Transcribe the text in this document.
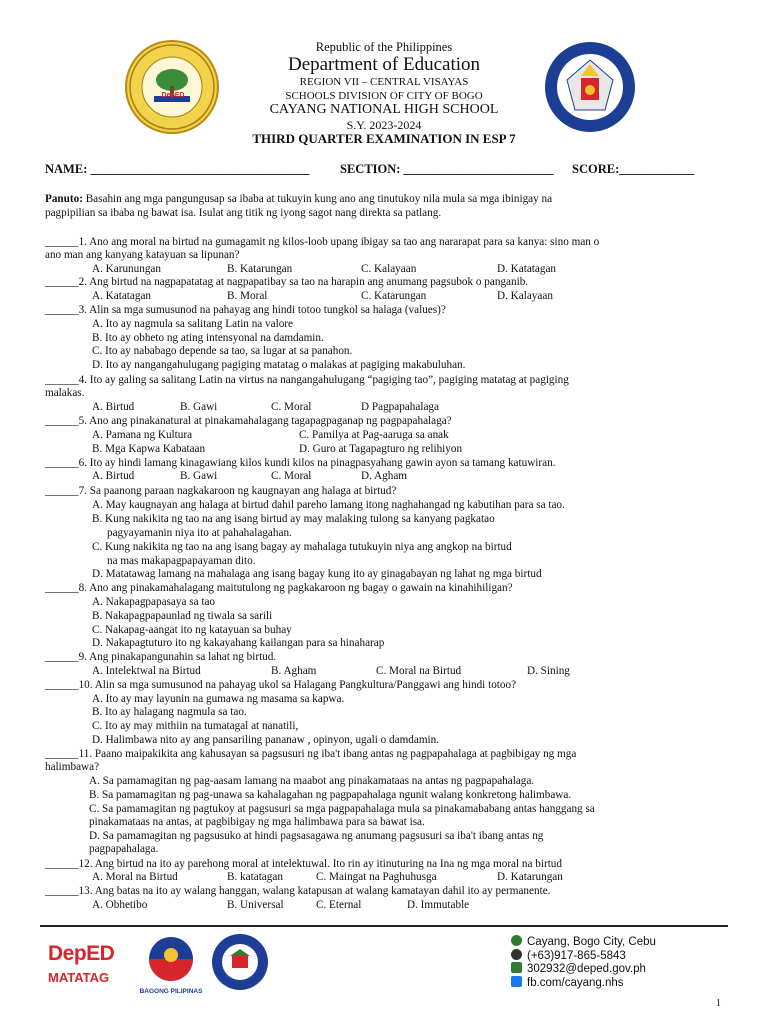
DepED
Republic of the Philippines
Department of Education
REGION VII – CENTRAL VISAYAS
SCHOOLS DIVISION OF CITY OF BOGO
CAYANG NATIONAL HIGH SCHOOL
S.Y. 2023-2024
THIRD QUARTER EXAMINATION IN ESP 7
NAME: ___________________________________ SECTION: ________________________ SCORE:____________
Panuto: Basahin ang mga pangungusap sa ibaba at tukuyin kung ano ang tinutukoy nila mula sa mga ibinigay na
pagpipilian sa ibaba ng bawat isa. Isulat ang titik ng iyong sagot nang direkta sa patlang.
______1. Ano ang moral na birtud na gumagamit ng kilos-loob upang ibigay sa tao ang nararapat para sa kanya: sino man o
ano man ang kanyang katayuan sa lipunan?
A. Karunungan	B. Katarungan	C. Kalayaan	D. Katatagan
______2. Ang birtud na nagpapatatag at nagpapatibay sa tao na harapin ang anumang pagsubok o panganib.
A. Katatagan	B. Moral	C. Katarungan	D. Kalayaan
______3. Alin sa mga sumusunod na pahayag ang hindi totoo tungkol sa halaga (values)?
A. Ito ay nagmula sa salitang Latin na valore
B. Ito ay obheto ng ating intensyonal na damdamin.
C. Ito ay nababago depende sa tao, sa lugar at sa panahon.
D. Ito ay nangangahulugang pagiging matatag o malakas at pagiging makabuluhan.
______4. Ito ay galing sa salitang Latin na virtus na nangangahulugang “pagiging tao”, pagiging matatag at pagiging
malakas.
A. Birtud	B. Gawi	C. Moral	D Pagpapahalaga
______5. Ano ang pinakanatural at pinakamahalagang tagapagpaganap ng pagpapahalaga?
A. Pamana ng Kultura	C. Pamilya at Pag-aaruga sa anak
B. Mga Kapwa Kabataan	D. Guro at Tagapagturo ng relihiyon
______6. Ito ay hindi lamang kinagawiang kilos kundi kilos na pinagpasyahang gawin ayon sa tamang katuwiran.
A. Birtud	B. Gawi	C. Moral	D. Agham
______7. Sa paanong paraan nagkakaroon ng kaugnayan ang halaga at birtud?
A. May kaugnayan ang halaga at birtud dahil pareho lamang itong naghahangad ng kabutihan para sa tao.
B. Kung nakikita ng tao na ang isang birtud ay may malaking tulong sa kanyang pagkatao
pagyayamanin niya ito at pahahalagahan.
C. Kung nakikita ng tao na ang isang bagay ay mahalaga tutukuyin niya ang angkop na birtud
na mas makapagpapayaman dito.
D. Matatawag lamang na mahalaga ang isang bagay kung ito ay ginagabayan ng lahat ng mga birtud
______8. Ano ang pinakamahalagang maitutulong ng pagkakaroon ng bagay o gawain na kinahihiligan?
A. Nakapagpapasaya sa tao
B. Nakapagpapaunlad ng tiwala sa sarili
C. Nakapag-aangat ito ng katayuan sa buhay
D. Nakapagtuturo ito ng kakayahang kailangan para sa hinaharap
______9. Ang pinakapangunahin sa lahat ng birtud.
A. Intelektwal na Birtud	B. Agham	C. Moral na Birtud	D. Sining
______10. Alin sa mga sumusunod na pahayag ukol sa Halagang Pangkultura/Panggawi ang hindi totoo?
A. Ito ay may layunin na gumawa ng masama sa kapwa.
B. Ito ay halagang nagmula sa tao.
C. Ito ay may mithiin na tumatagal at nanatili,
D. Halimbawa nito ay ang pansariling pananaw , opinyon, ugali o damdamin.
______11. Paano maipakikita ang kahusayan sa pagsusuri ng iba't ibang antas ng pagpapahalaga at pagbibigay ng mga
halimbawa?
A. Sa pamamagitan ng pag-aasam lamang na maabot ang pinakamataas na antas ng pagpapahalaga.
B. Sa pamamagitan ng pag-unawa sa kahalagahan ng pagpapahalaga ngunit walang konkretong halimbawa.
C. Sa pamamagitan ng pagtukoy at pagsusuri sa mga pagpapahalaga mula sa pinakamababang antas hanggang sa
pinakamataas na antas, at pagbibigay ng mga halimbawa para sa bawat isa.
D. Sa pamamagitan ng pagsusuko at hindi pagsasagawa ng anumang pagsusuri sa iba't ibang antas ng
pagpapahalaga.
______12. Ang birtud na ito ay parehong moral at intelektuwal. Ito rin ay itinuturing na Ina ng mga moral na birtud
A. Moral na Birtud	B. katatagan	C. Maingat na Paghuhusga	D. Katarungan
______13. Ang batas na ito ay walang hanggan, walang katapusan at walang kamatayan dahil ito ay permanente.
A. Obhetibo	B. Universal	C. Eternal	D. Immutable
DepED
MATATAG
BAGONG PILIPINAS
Cayang, Bogo City, Cebu
(+63)917-865-5843
302932@deped.gov.ph
fb.com/cayang.nhs
1
